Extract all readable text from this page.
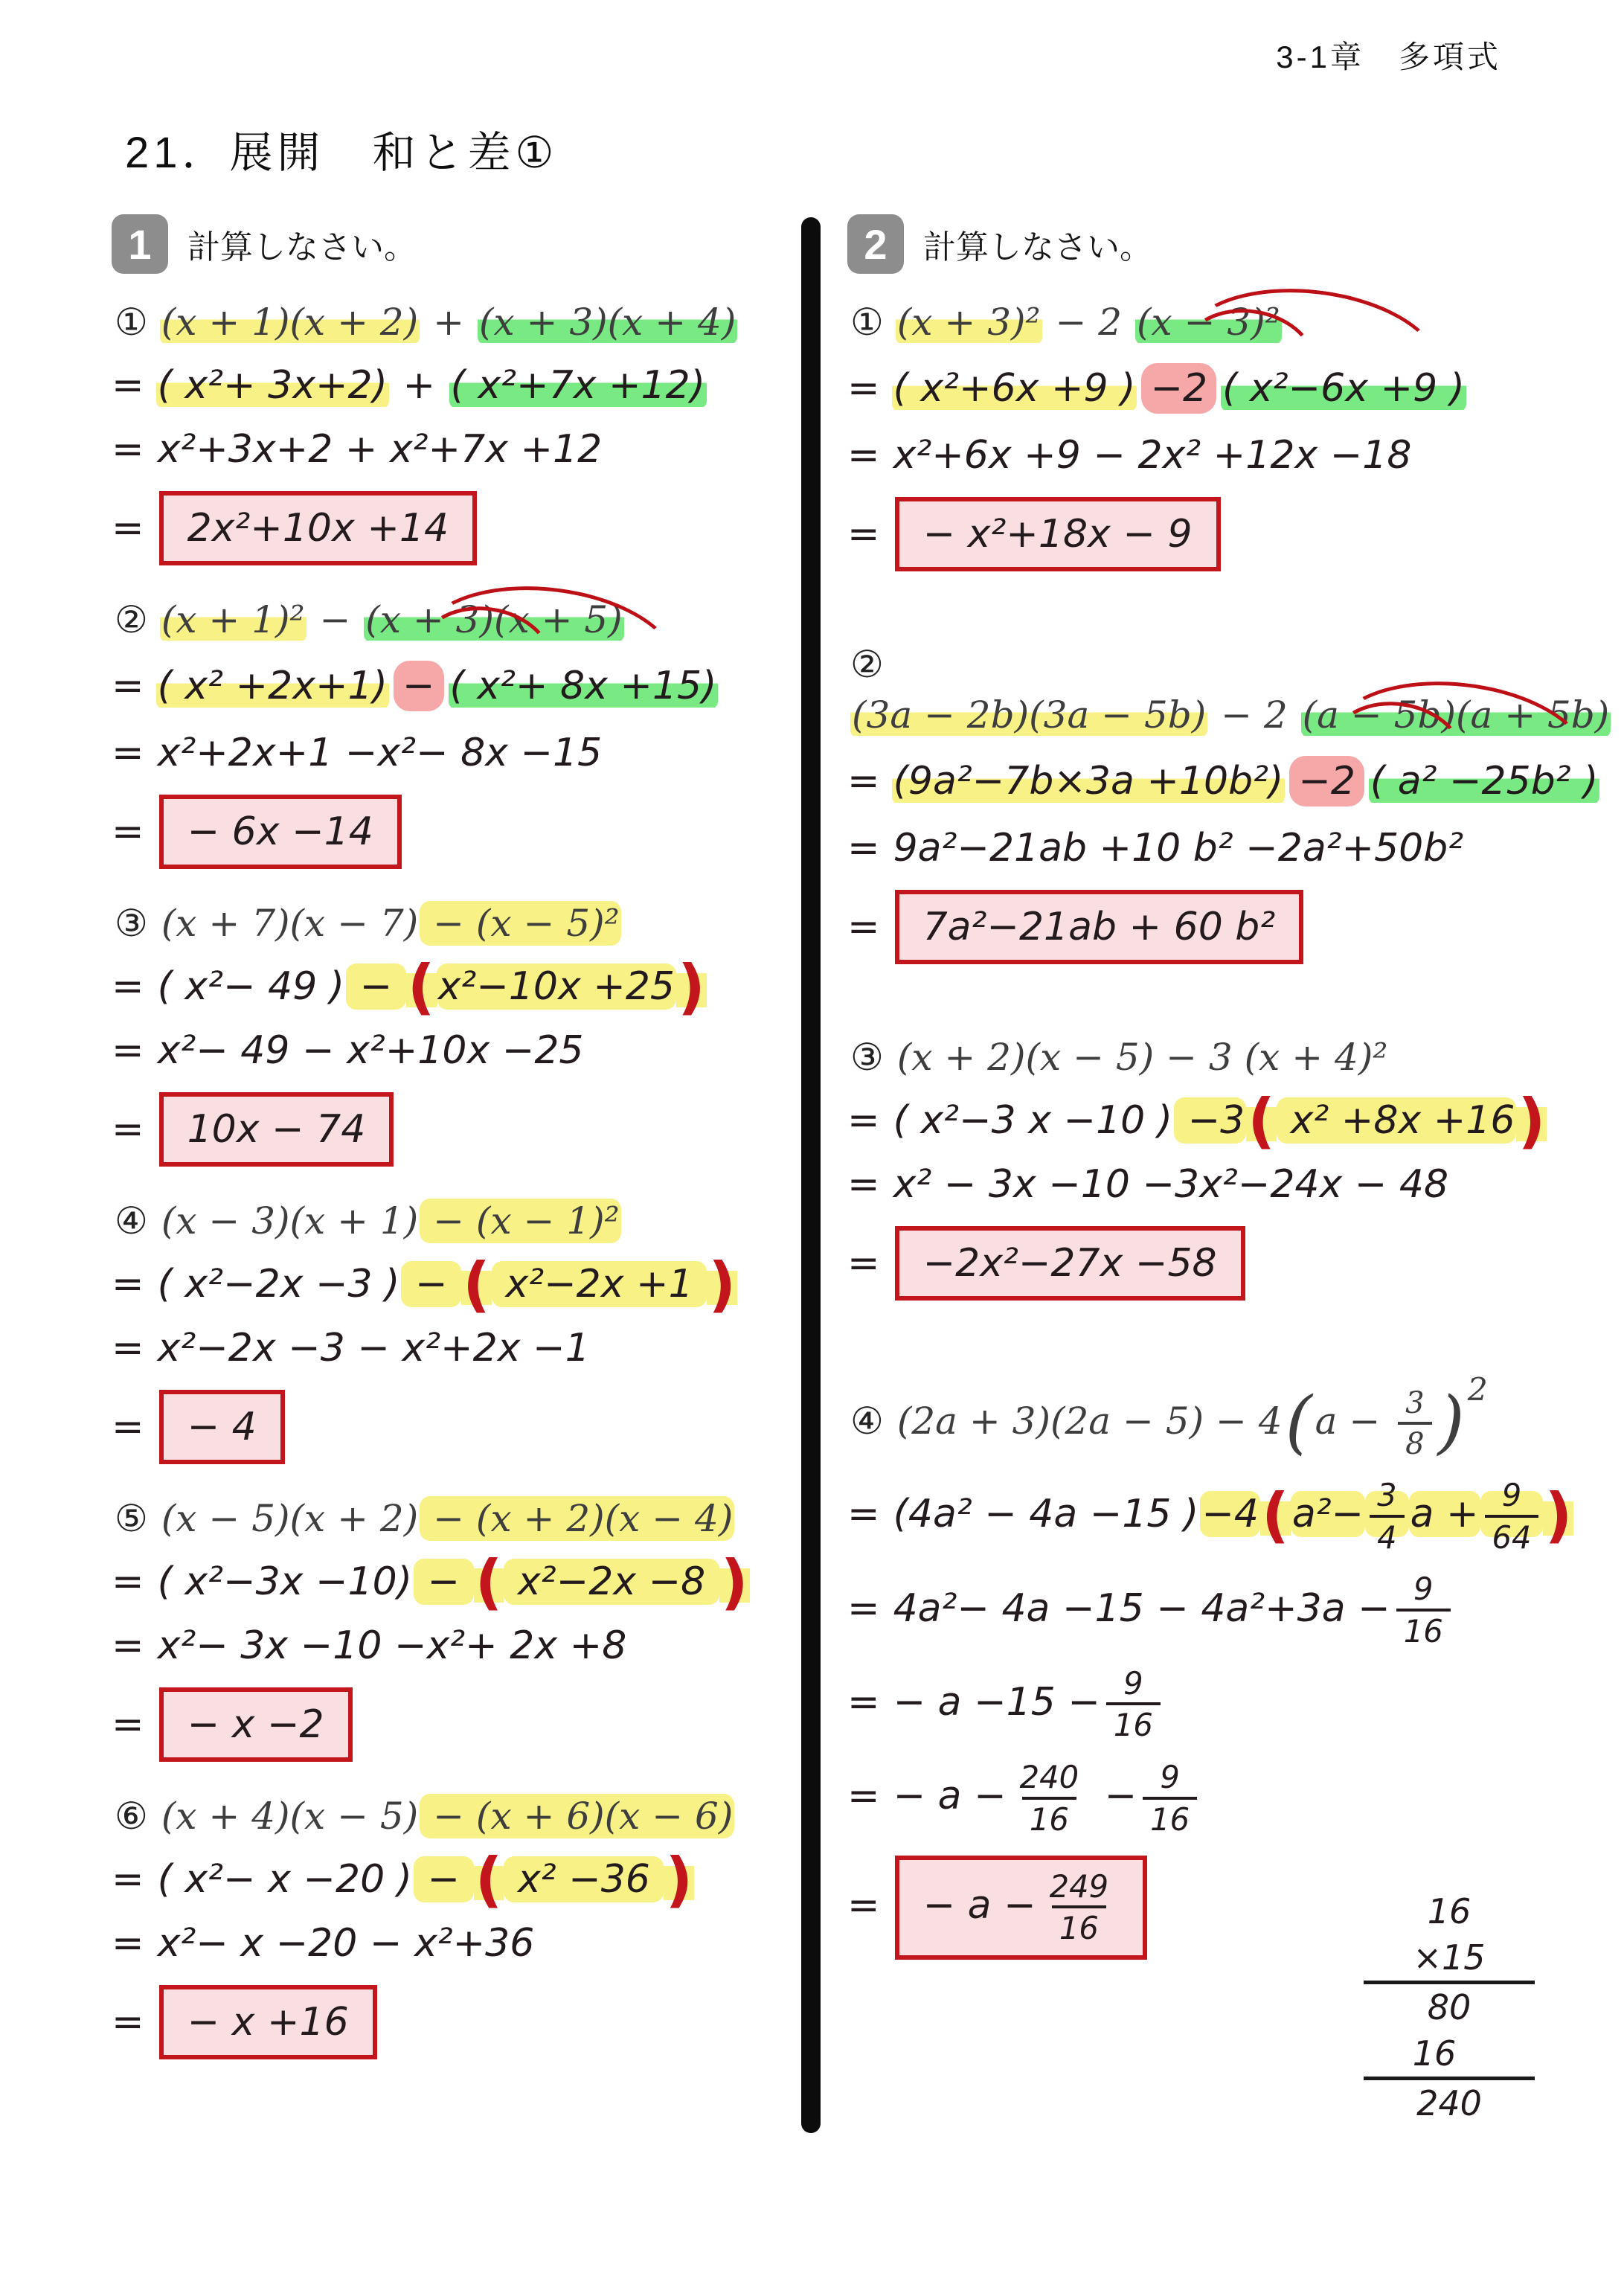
3-1章　多項式
21．展開　和と差①
1	計算しなさい。
① (x + 1)(x + 2) + (x + 3)(x + 4)
= ( x²+ 3x+2) + ( x²+7x +12)
= x²+3x+2 + x²+7x +12
= 2x²+10x +14
② (x + 1)² − (x + 3)(x + 5)
= ( x² +2x+1) − ( x²+ 8x +15)
= x²+2x+1 −x²− 8x −15
= − 6x −14
③ (x + 7)(x − 7) − (x − 5)²
= ( x²− 49 ) − (x²−10x +25)
= x²− 49 − x²+10x −25
= 10x − 74
④ (x − 3)(x + 1) − (x − 1)²
= ( x²−2x −3 ) − ( x²−2x +1 )
= x²−2x −3 − x²+2x −1
= − 4
⑤ (x − 5)(x + 2) − (x + 2)(x − 4)
= ( x²−3x −10) − ( x²−2x −8 )
= x²− 3x −10 −x²+ 2x +8
= − x −2
⑥ (x + 4)(x − 5) − (x + 6)(x − 6)
= ( x²− x −20 ) − ( x² −36 )
= x²− x −20 − x²+36
= − x +16
2	計算しなさい。
① (x + 3)² − 2 (x − 3)²
= ( x²+6x +9 ) −2 ( x²−6x +9 )
= x²+6x +9 − 2x² +12x −18
= − x²+18x − 9
②
(3a − 2b)(3a − 5b) − 2 (a − 5b)(a + 5b)
= (9a²−7b×3a +10b²) −2 ( a² −25b² )
= 9a²−21ab +10 b² −2a²+50b²
= 7a²−21ab + 60 b²
③ (x + 2)(x − 5) − 3 (x + 4)²
= ( x²−3 x −10 ) −3( x² +8x +16)
= x² − 3x −10 −3x²−24x − 48
= −2x²−27x −58
④ $(2a + 3)(2a - 5) - 4(a - \frac{3}{8} )^2$
= (4a² − 4a −15 )$-4(a^2- \frac{3}{4}$ $a + \frac{9}{64}$ )
= $4a^2- 4a -15 - 4a^2+3a - \frac{9}{16}$
= − $a -15 - \frac{9}{16}$
= − $a - \frac{240}{16} - \frac{9}{16}$
= − $a - \frac{249}{16}$	16
×15
80
16
240
